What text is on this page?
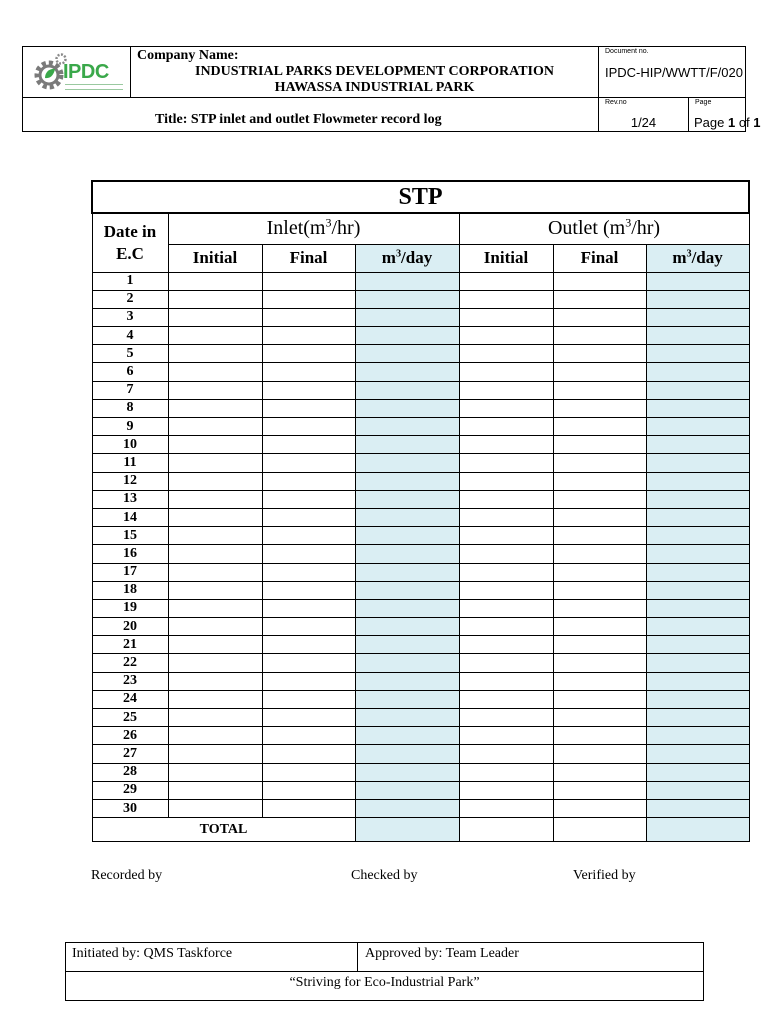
IPDC
Company Name:
INDUSTRIAL PARKS DEVELOPMENT CORPORATION
HAWASSA INDUSTRIAL PARK
Document no.
IPDC-HIP/WWTT/F/020
Title: STP inlet and outlet Flowmeter record log
Rev.no
1/24
Page
Page 1 of 1
STP						
Date in
E.C	$Inlet(m^3/hr)$			Outlet $(m^3/hr)$		
	Initial	Final	$m^3$/day	Initial	Final	$m^3$/day
1						
2						
3						
4						
5						
6						
7						
8						
9						
10						
11						
12						
13						
14						
15						
16						
17						
18						
19						
20						
21						
22						
23						
24						
25						
26						
27						
28						
29						
30						
TOTAL						
Recorded by	Checked by	Verified by
Initiated by: QMS Taskforce	Approved by: Team Leader
“Striving for Eco-Industrial Park”
